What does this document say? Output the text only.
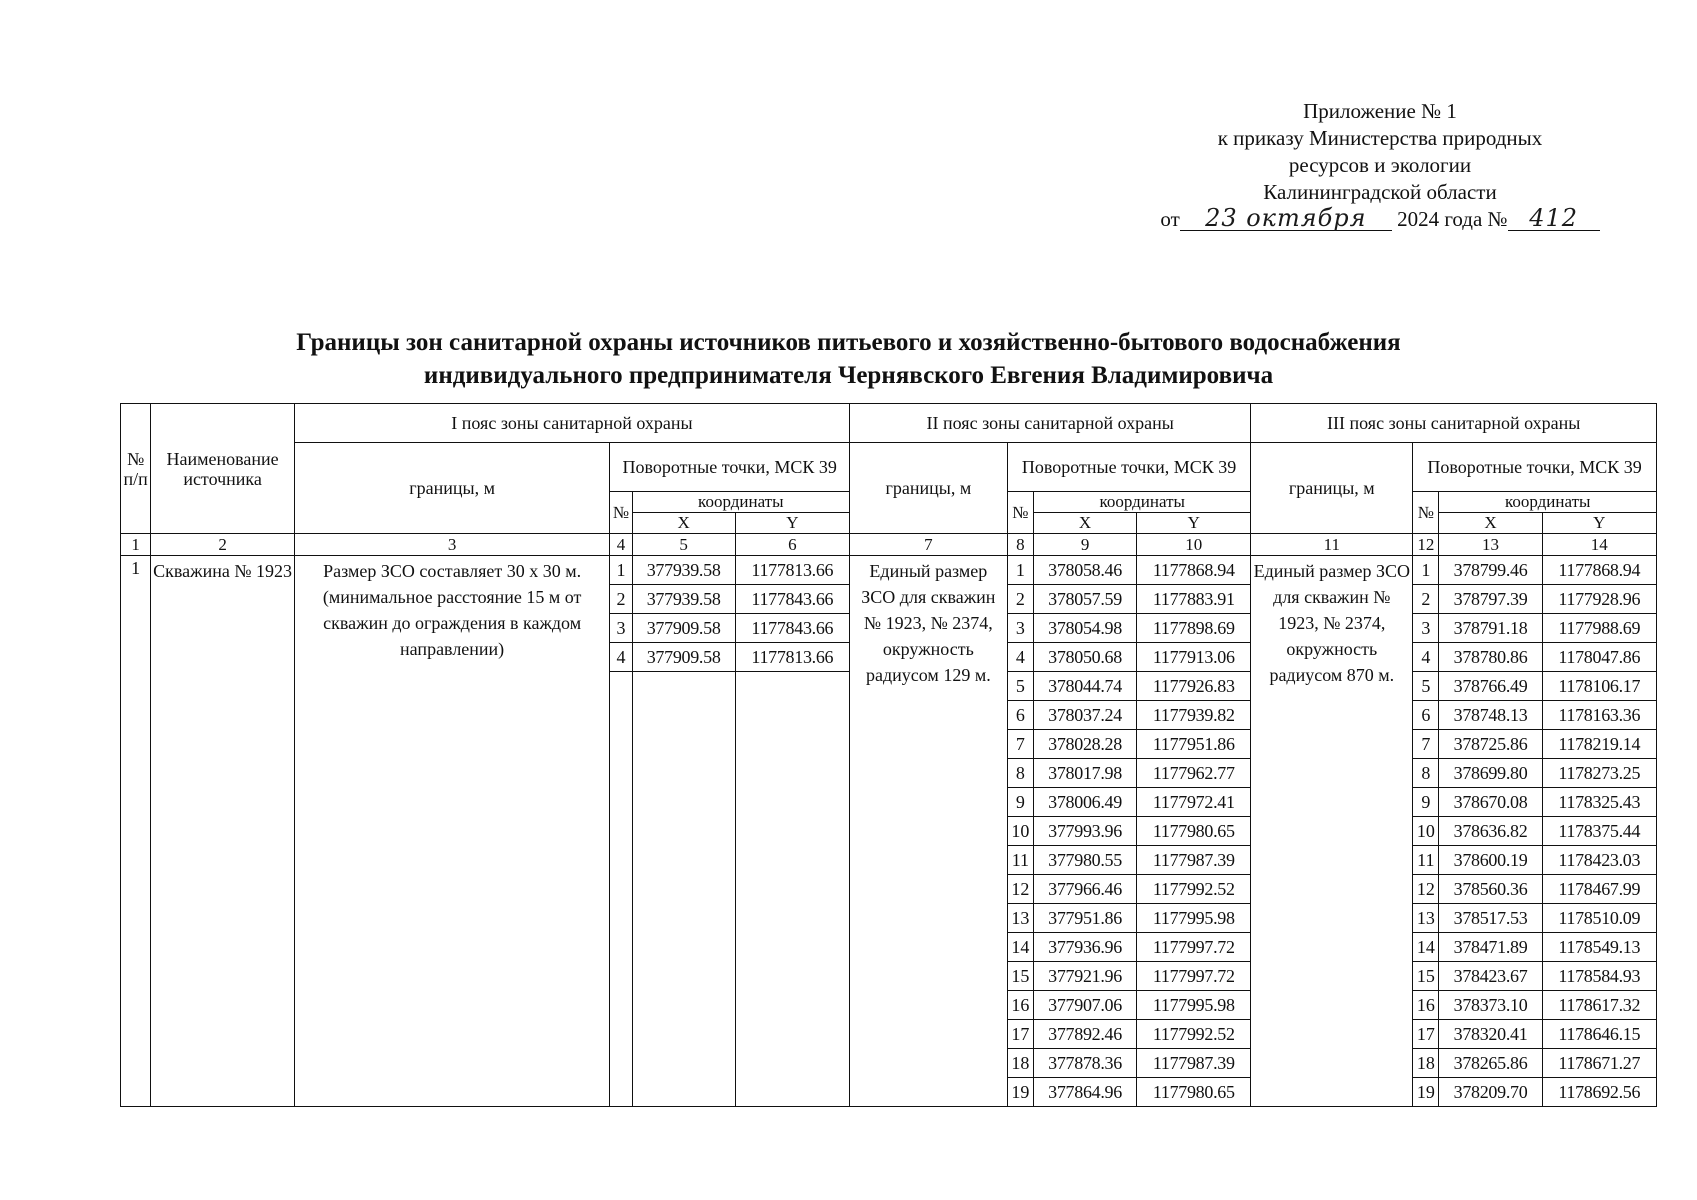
Приложение № 1
к приказу Министерства природных
ресурсов и экологии
Калининградской области
от 23 октября 2024 года № 412
Границы зон санитарной охраны источников питьевого и хозяйственно-бытового водоснабжения
индивидуального предпринимателя Чернявского Евгения Владимировича
№ п/п	Наименование источника	I пояс зоны санитарной охраны				II пояс зоны санитарной охраны				III пояс зоны санитарной охраны			
		границы, м	Поворотные точки, МСК 39			границы, м	Поворотные точки, МСК 39			границы, м	Поворотные точки, МСК 39		
			№	координаты			№	координаты			№	координаты	
				X	Y			X	Y			X	Y
1	2	3	4	5	6	7	8	9	10	11	12	13	14
1	Скважина № 1923	Размер ЗСО составляет 30 х 30 м. (минимальное расстояние 15 м от скважин до ограждения в каждом направлении)	1	377939.58	1177813.66	Единый размер ЗСО для скважин № 1923, № 2374, окружность радиусом 129 м.	1	378058.46	1177868.94	Единый размер ЗСО для скважин № 1923, № 2374, окружность радиусом 870 м.	1	378799.46	1177868.94
			2	377939.58	1177843.66		2	378057.59	1177883.91		2	378797.39	1177928.96
			3	377909.58	1177843.66		3	378054.98	1177898.69		3	378791.18	1177988.69
			4	377909.58	1177813.66		4	378050.68	1177913.06		4	378780.86	1178047.86
							5	378044.74	1177926.83		5	378766.49	1178106.17
							6	378037.24	1177939.82		6	378748.13	1178163.36
							7	378028.28	1177951.86		7	378725.86	1178219.14
							8	378017.98	1177962.77		8	378699.80	1178273.25
							9	378006.49	1177972.41		9	378670.08	1178325.43
							10	377993.96	1177980.65		10	378636.82	1178375.44
							11	377980.55	1177987.39		11	378600.19	1178423.03
							12	377966.46	1177992.52		12	378560.36	1178467.99
							13	377951.86	1177995.98		13	378517.53	1178510.09
							14	377936.96	1177997.72		14	378471.89	1178549.13
							15	377921.96	1177997.72		15	378423.67	1178584.93
							16	377907.06	1177995.98		16	378373.10	1178617.32
							17	377892.46	1177992.52		17	378320.41	1178646.15
							18	377878.36	1177987.39		18	378265.86	1178671.27
							19	377864.96	1177980.65		19	378209.70	1178692.56
